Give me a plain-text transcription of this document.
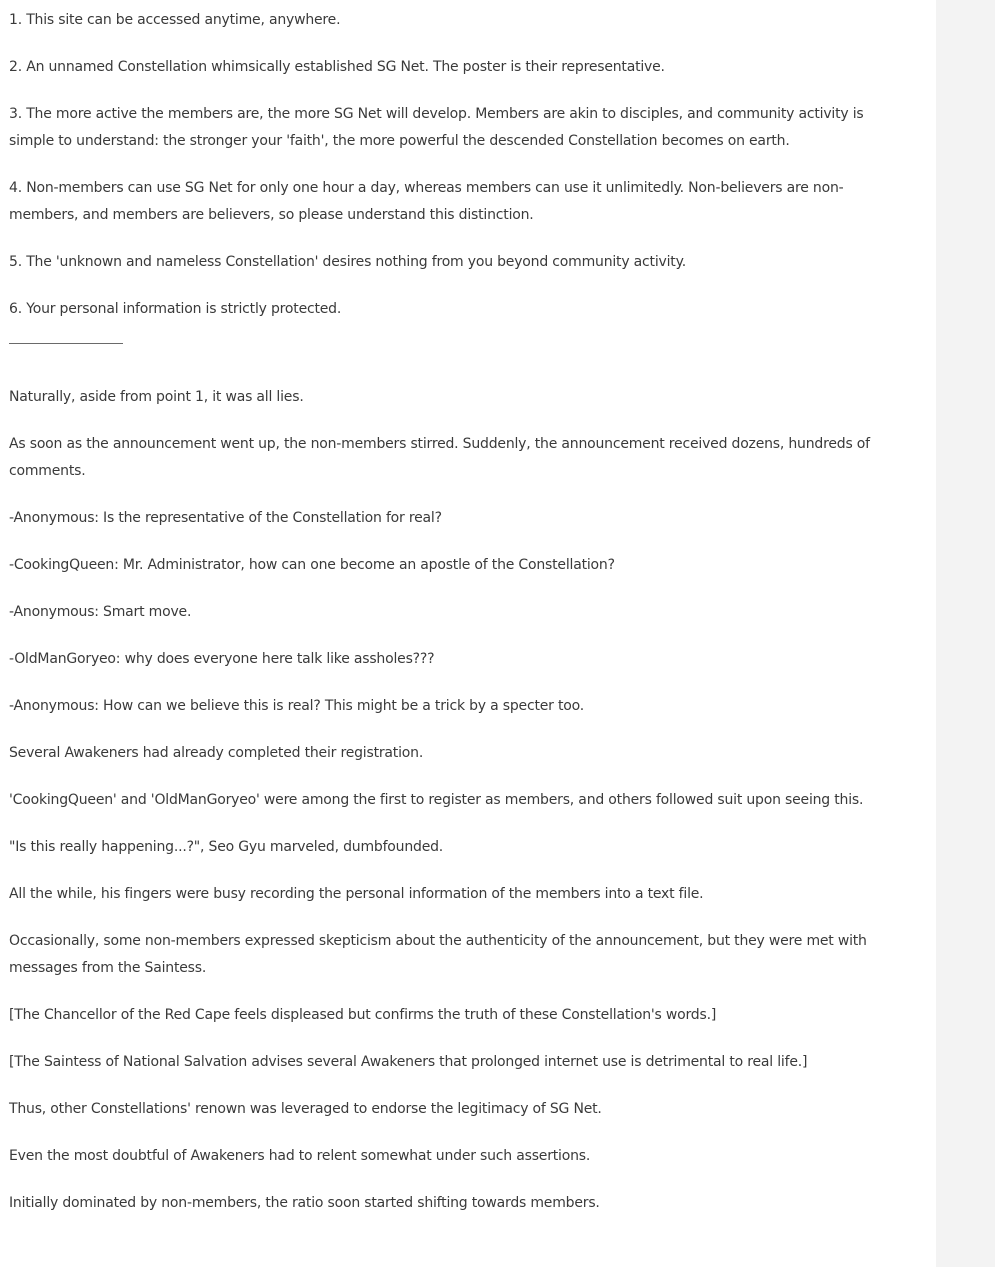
1. This site can be accessed anytime, anywhere.

2. An unnamed Constellation whimsically established SG Net. The poster is their representative.

3. The more active the members are, the more SG Net will develop. Members are akin to disciples, and community activity is simple to understand: the stronger your 'faith', the more powerful the descended Constellation becomes on earth.

4. Non-members can use SG Net for only one hour a day, whereas members can use it unlimitedly. Non-believers are non-members, and members are believers, so please understand this distinction.

5. The 'unknown and nameless Constellation' desires nothing from you beyond community activity.

6. Your personal information is strictly protected.

Naturally, aside from point 1, it was all lies.

As soon as the announcement went up, the non-members stirred. Suddenly, the announcement received dozens, hundreds of comments.

-Anonymous: Is the representative of the Constellation for real?

-CookingQueen: Mr. Administrator, how can one become an apostle of the Constellation?

-Anonymous: Smart move.

-OldManGoryeo: why does everyone here talk like assholes???

-Anonymous: How can we believe this is real? This might be a trick by a specter too.

Several Awakeners had already completed their registration.

'CookingQueen' and 'OldManGoryeo' were among the first to register as members, and others followed suit upon seeing this.

"Is this really happening...?", Seo Gyu marveled, dumbfounded.

All the while, his fingers were busy recording the personal information of the members into a text file.

Occasionally, some non-members expressed skepticism about the authenticity of the announcement, but they were met with messages from the Saintess.

[The Chancellor of the Red Cape feels displeased but confirms the truth of these Constellation's words.]

[The Saintess of National Salvation advises several Awakeners that prolonged internet use is detrimental to real life.]

Thus, other Constellations' renown was leveraged to endorse the legitimacy of SG Net.

Even the most doubtful of Awakeners had to relent somewhat under such assertions.

Initially dominated by non-members, the ratio soon started shifting towards members.
